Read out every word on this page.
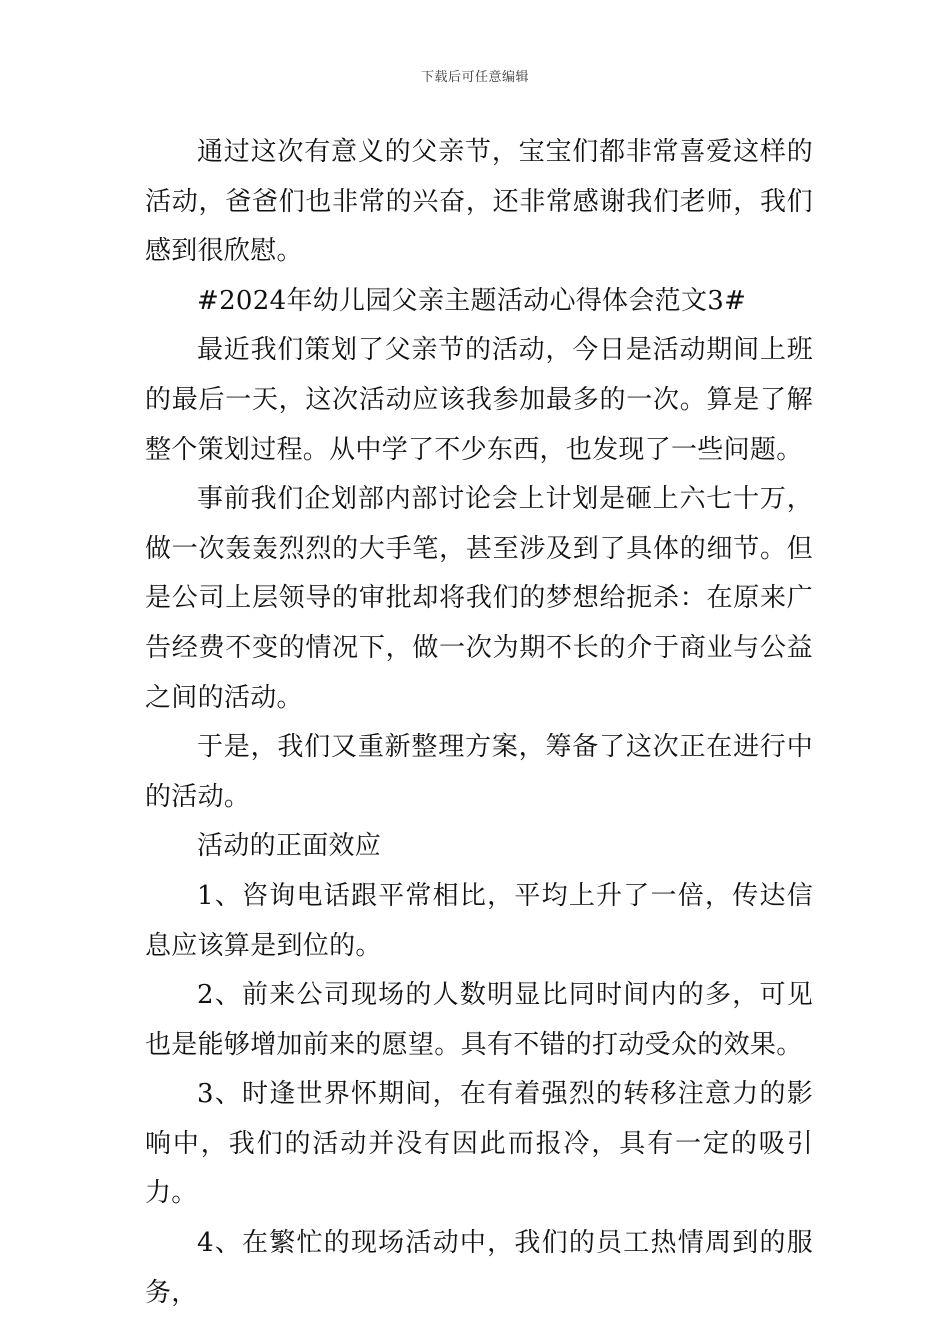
下载后可任意编辑

通过这次有意义的父亲节，宝宝们都非常喜爱这样的活动，爸爸们也非常的兴奋，还非常感谢我们老师，我们感到很欣慰。

#2024年幼儿园父亲主题活动心得体会范文3#

最近我们策划了父亲节的活动，今日是活动期间上班的最后一天，这次活动应该我参加最多的一次。算是了解整个策划过程。从中学了不少东西，也发现了一些问题。

事前我们企划部内部讨论会上计划是砸上六七十万，做一次轰轰烈烈的大手笔，甚至涉及到了具体的细节。但是公司上层领导的审批却将我们的梦想给扼杀：在原来广告经费不变的情况下，做一次为期不长的介于商业与公益之间的活动。

于是，我们又重新整理方案，筹备了这次正在进行中的活动。

活动的正面效应

1、咨询电话跟平常相比，平均上升了一倍，传达信息应该算是到位的。

2、前来公司现场的人数明显比同时间内的多，可见也是能够增加前来的愿望。具有不错的打动受众的效果。

3、时逢世界怀期间，在有着强烈的转移注意力的影响中，我们的活动并没有因此而报冷，具有一定的吸引力。

4、在繁忙的现场活动中，我们的员工热情周到的服务，
